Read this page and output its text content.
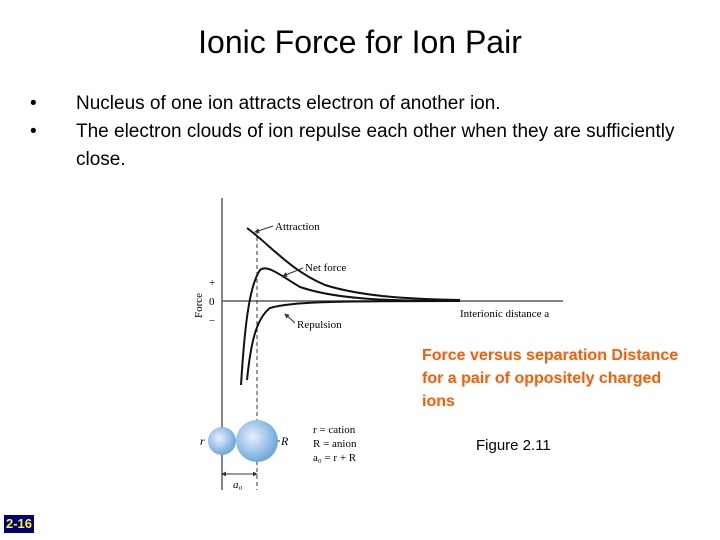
Ionic Force for Ion Pair
•	Nucleus of one ion attracts electron of another ion.
•	The electron clouds of ion repulse each other when they are sufficiently close.
Attraction
Net force
Repulsion
Interionic distance a
Force
+
0
−
r	R
a₀
r = cation
R = anion
a₀ = r + R
Force versus separation Distance for a pair of oppositely charged ions
Figure 2.11
2-16
